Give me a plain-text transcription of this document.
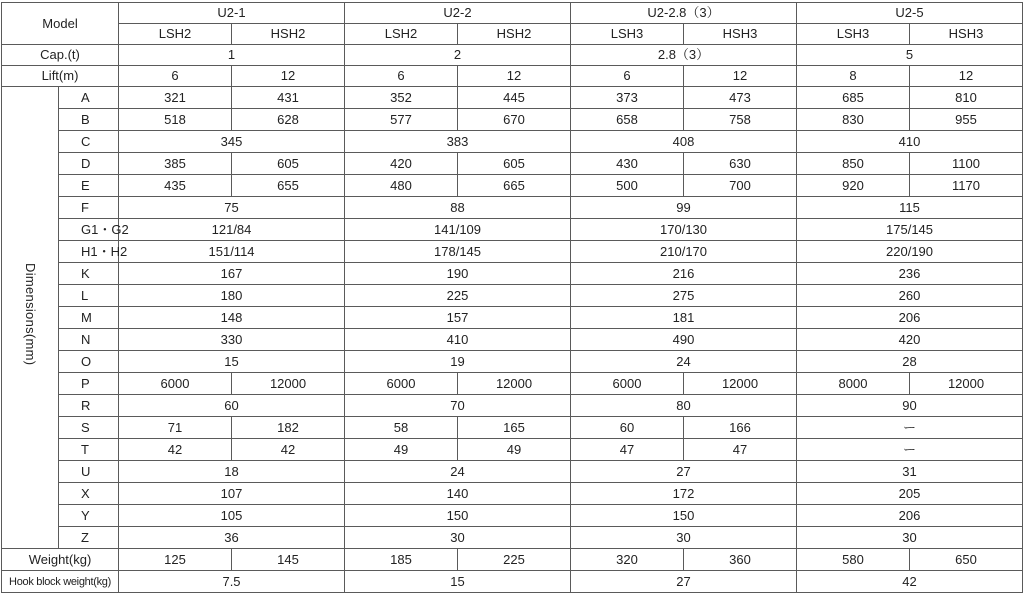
Model		U2-1		U2-2		U2-2.8（3）		U2-5	
		LSH2	HSH2	LSH2	HSH2	LSH3	HSH3	LSH3	HSH3
Cap.(t)		1		2		2.8（3）		5	
Lift(m)		6	12	6	12	6	12	8	12
Dimensions(mm)	A	321	431	352	445	373	473	685	810
	B	518	628	577	670	658	758	830	955
	C	345		383		408		410	
	D	385	605	420	605	430	630	850	1100
	E	435	655	480	665	500	700	920	1170
	F	75		88		99		115	
	G1・G2	121/84		141/109		170/130		175/145	
	H1・H2	151/114		178/145		210/170		220/190	
	K	167		190		216		236	
	L	180		225		275		260	
	M	148		157		181		206	
	N	330		410		490		420	
	O	15		19		24		28	
	P	6000	12000	6000	12000	6000	12000	8000	12000
	R	60		70		80		90	
	S	71	182	58	165	60	166	ー	
	T	42	42	49	49	47	47	ー	
	U	18		24		27		31	
	X	107		140		172		205	
	Y	105		150		150		206	
	Z	36		30		30		30	
Weight(kg)		125	145	185	225	320	360	580	650
Hook block weight(kg)		7.5		15		27		42	
